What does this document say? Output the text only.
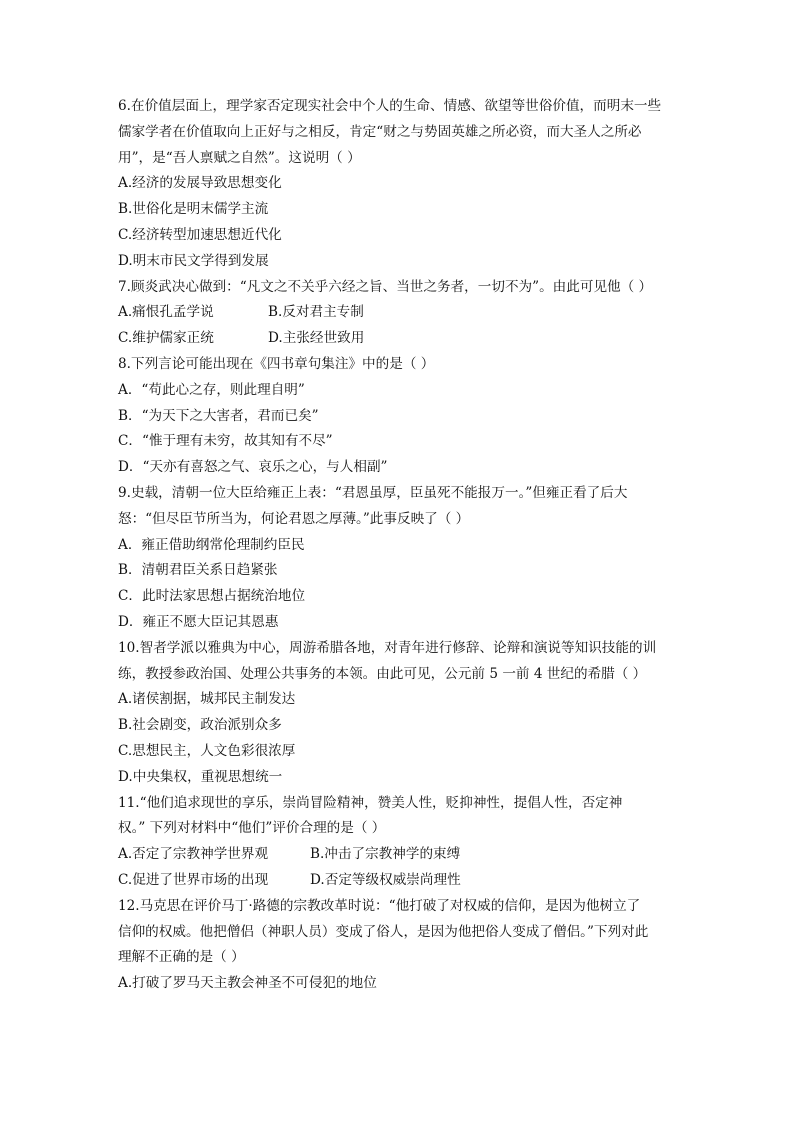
6.在价值层面上，理学家否定现实社会中个人的生命、情感、欲望等世俗价值，而明末一些
儒家学者在价值取向上正好与之相反，肯定“财之与势固英雄之所必资，而大圣人之所必
用”，是“吾人禀赋之自然”。这说明（ ）
A.经济的发展导致思想变化
B.世俗化是明末儒学主流
C.经济转型加速思想近代化
D.明末市民文学得到发展
7.顾炎武决心做到：“凡文之不关乎六经之旨、当世之务者，一切不为”。由此可见他（ ）
A.痛恨孔孟学说	B.反对君主专制
C.维护儒家正统	D.主张经世致用
8.下列言论可能出现在《四书章句集注》中的是（ ）
A．“苟此心之存，则此理自明”
B．“为天下之大害者，君而已矣”
C．“惟于理有未穷，故其知有不尽”
D．“天亦有喜怒之气、哀乐之心，与人相副”
9.史载，清朝一位大臣给雍正上表：“君恩虽厚，臣虽死不能报万一。”但雍正看了后大
怒：“但尽臣节所当为，何论君恩之厚薄。”此事反映了（ ）
A．雍正借助纲常伦理制约臣民
B．清朝君臣关系日趋紧张
C．此时法家思想占据统治地位
D．雍正不愿大臣记其恩惠
10.智者学派以雅典为中心，周游希腊各地，对青年进行修辞、论辩和演说等知识技能的训
练，教授参政治国、处理公共事务的本领。由此可见，公元前 5 一前 4 世纪的希腊（ ）
A.诸侯割据，城邦民主制发达
B.社会剧变，政治派别众多
C.思想民主，人文色彩很浓厚
D.中央集权，重视思想统一
11.“他们追求现世的享乐，崇尚冒险精神，赞美人性，贬抑神性，提倡人性，否定神
权。” 下列对材料中“他们”评价合理的是（ ）
A.否定了宗教神学世界观	B.冲击了宗教神学的束缚
C.促进了世界市场的出现	D.否定等级权威崇尚理性
12.马克思在评价马丁·路德的宗教改革时说：“他打破了对权威的信仰，是因为他树立了
信仰的权威。他把僧侣（神职人员）变成了俗人，是因为他把俗人变成了僧侣。”下列对此
理解不正确的是（ ）
A.打破了罗马天主教会神圣不可侵犯的地位
